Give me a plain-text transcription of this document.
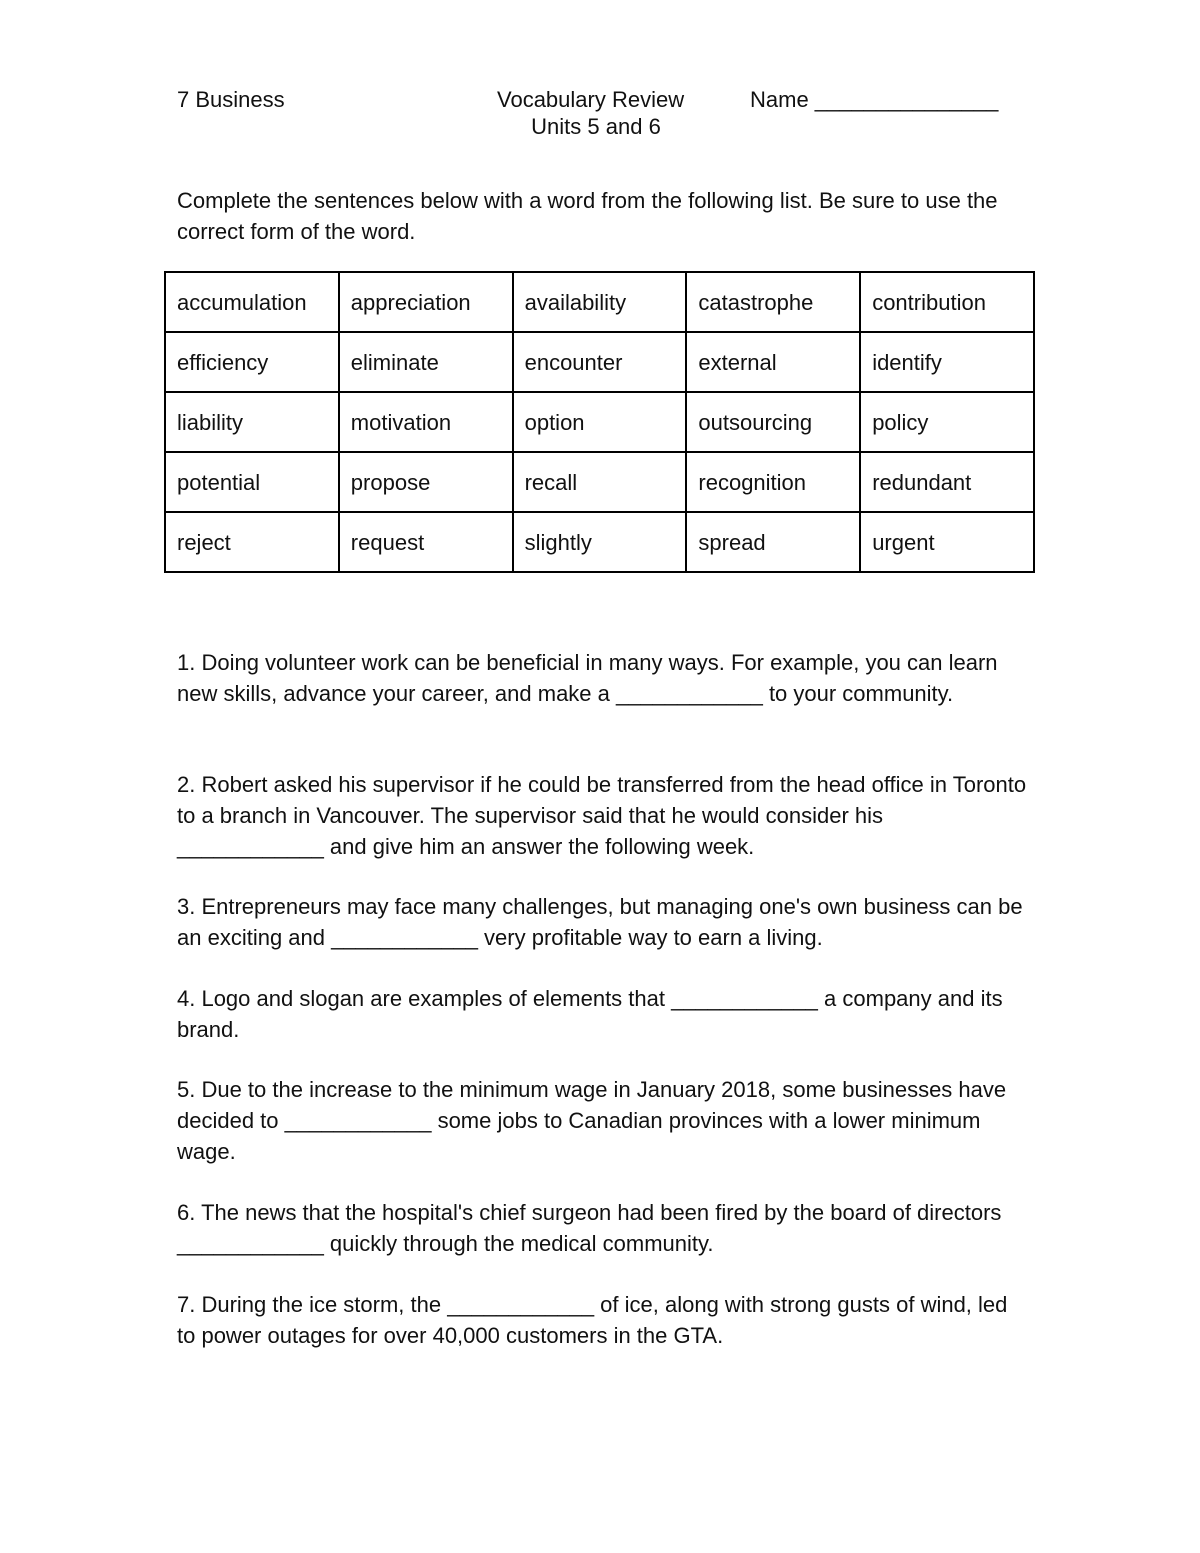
7 Business	Vocabulary Review
Units 5 and 6
Name _______________
Complete the sentences below with a word from the following list. Be sure to use the correct form of the word.
accumulation	appreciation	availability	catastrophe	contribution
efficiency	eliminate	encounter	external	identify
liability	motivation	option	outsourcing	policy
potential	propose	recall	recognition	redundant
reject	request	slightly	spread	urgent
1. Doing volunteer work can be beneficial in many ways. For example, you can learn new skills, advance your career, and make a ____________ to your community.
2. Robert asked his supervisor if he could be transferred from the head office in Toronto to a branch in Vancouver. The supervisor said that he would consider his ____________ and give him an answer the following week.
3. Entrepreneurs may face many challenges, but managing one's own business can be an exciting and ____________ very profitable way to earn a living.
4. Logo and slogan are examples of elements that ____________ a company and its brand.
5. Due to the increase to the minimum wage in January 2018, some businesses have decided to ____________ some jobs to Canadian provinces with a lower minimum wage.
6. The news that the hospital's chief surgeon had been fired by the board of directors ____________ quickly through the medical community.
7. During the ice storm, the ____________ of ice, along with strong gusts of wind, led to power outages for over 40,000 customers in the GTA.
